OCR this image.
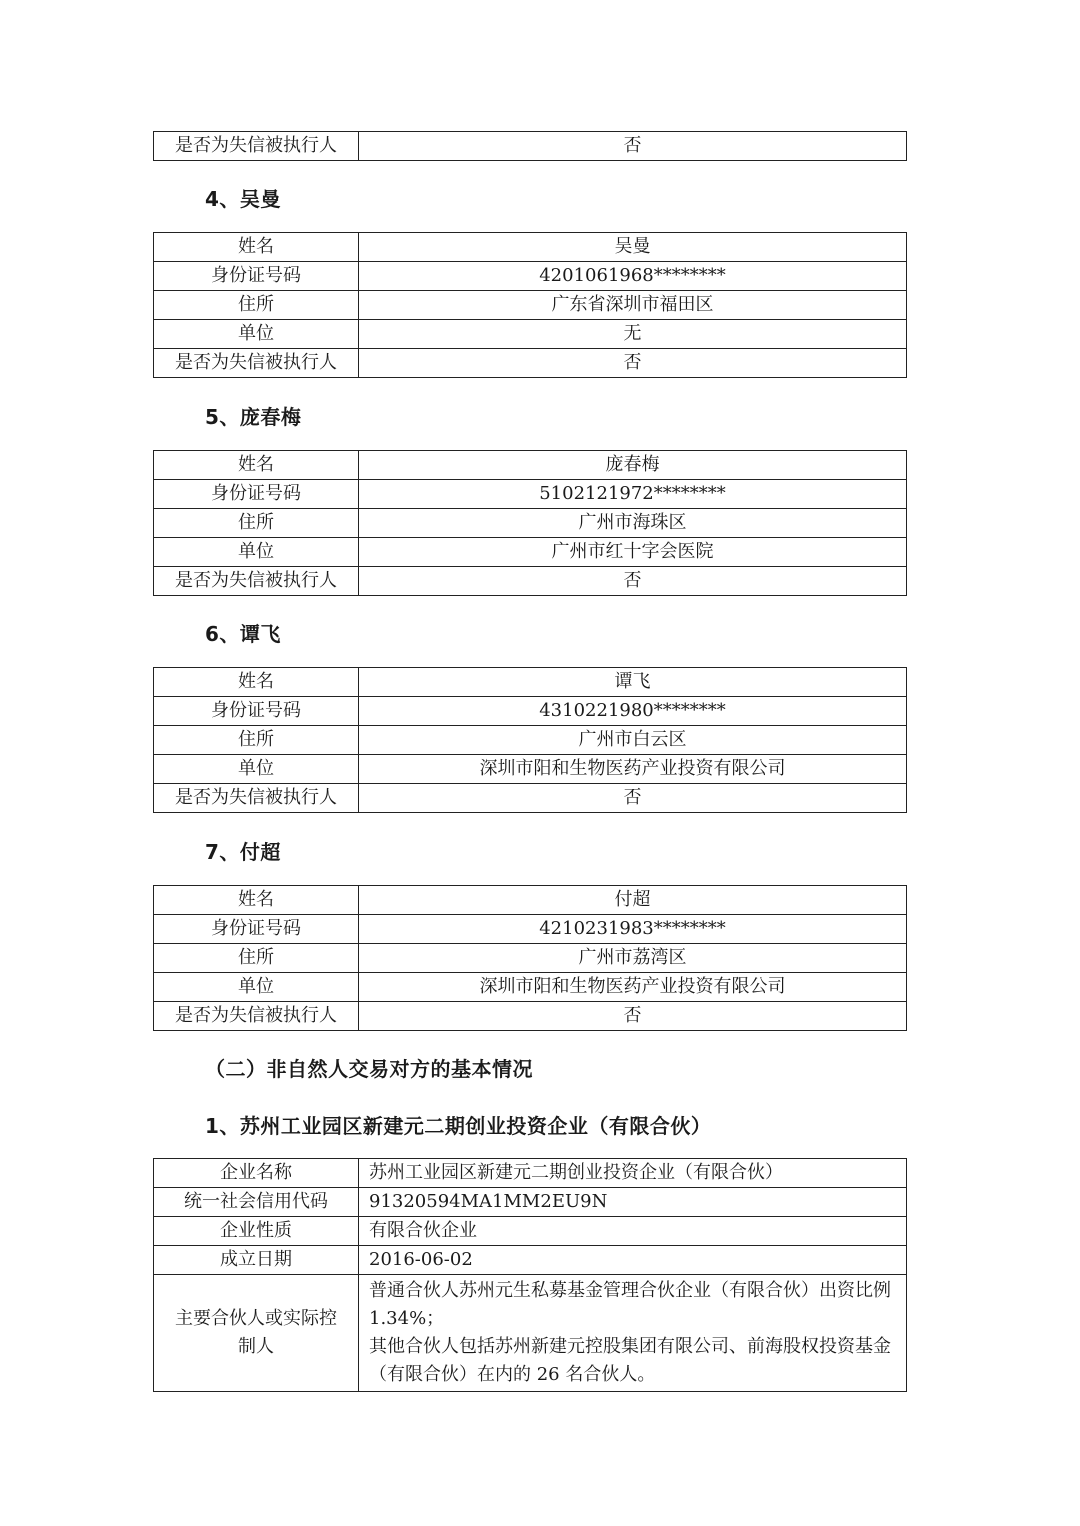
是否为失信被执行人	否
4、吴曼
姓名	吴曼
身份证号码	4201061968********
住所	广东省深圳市福田区
单位	无
是否为失信被执行人	否
5、庞春梅
姓名	庞春梅
身份证号码	5102121972********
住所	广州市海珠区
单位	广州市红十字会医院
是否为失信被执行人	否
6、谭飞
姓名	谭飞
身份证号码	4310221980********
住所	广州市白云区
单位	深圳市阳和生物医药产业投资有限公司
是否为失信被执行人	否
7、付超
姓名	付超
身份证号码	4210231983********
住所	广州市荔湾区
单位	深圳市阳和生物医药产业投资有限公司
是否为失信被执行人	否
（二）非自然人交易对方的基本情况
1、苏州工业园区新建元二期创业投资企业（有限合伙）
企业名称	苏州工业园区新建元二期创业投资企业（有限合伙）
统一社会信用代码	91320594MA1MM2EU9N
企业性质	有限合伙企业
成立日期	2016-06-02
主要合伙人或实际控制人	普通合伙人苏州元生私募基金管理合伙企业（有限合伙）出资比例 1.34%；
其他合伙人包括苏州新建元控股集团有限公司、前海股权投资基金（有限合伙）在内的 26 名合伙人。
